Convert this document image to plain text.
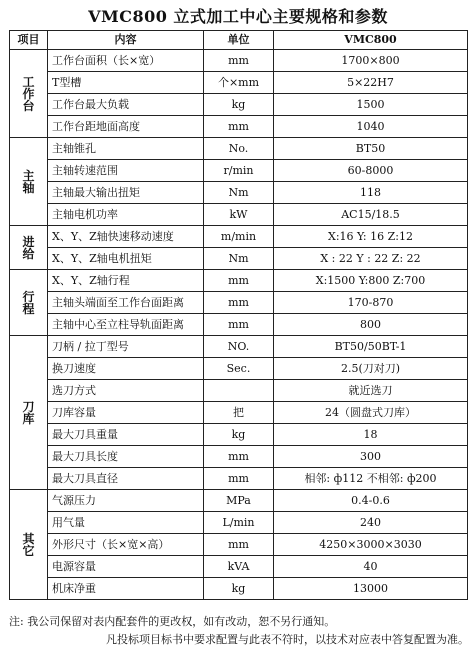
VMC800 立式加工中心主要规格和参数
项目	内容	单位	VMC800

工
作
台	工作台面积（长×宽）	mm	1700×800
	T型槽	个×mm	5×22H7
	工作台最大负载	kg	1500
	工作台距地面高度	mm	1040

主
轴	主轴锥孔	No.	BT50
	主轴转速范围	r/min	60-8000
	主轴最大输出扭矩	Nm	118
	主轴电机功率	kW	AC15/18.5

进
给	X、Y、Z轴快速移动速度	m/min	X:16 Y: 16 Z:12
	X、Y、Z轴电机扭矩	Nm	X : 22 Y : 22 Z: 22

行
程	X、Y、Z轴行程	mm	X:1500 Y:800 Z:700
	主轴头端面至工作台面距离	mm	170-870
	主轴中心至立柱导轨面距离	mm	800

刀
库	刀柄 / 拉丁型号	NO.	BT50/50BT-1
	换刀速度	Sec.	2.5(刀对刀)
	选刀方式		就近选刀
	刀库容量	把	24（圆盘式刀库）
	最大刀具重量	kg	18
	最大刀具长度	mm	300
	最大刀具直径	mm	相邻: ф112 不相邻: ф200

其
它	气源压力	MPa	0.4-0.6
	用气量	L/min	240
	外形尺寸（长×宽×高）	mm	4250×3000×3030
	电源容量	kVA	40
	机床净重	kg	13000
注: 我公司保留对表内配套件的更改权，如有改动，恕不另行通知。
凡投标项目标书中要求配置与此表不符时，以技术对应表中答复配置为准。
